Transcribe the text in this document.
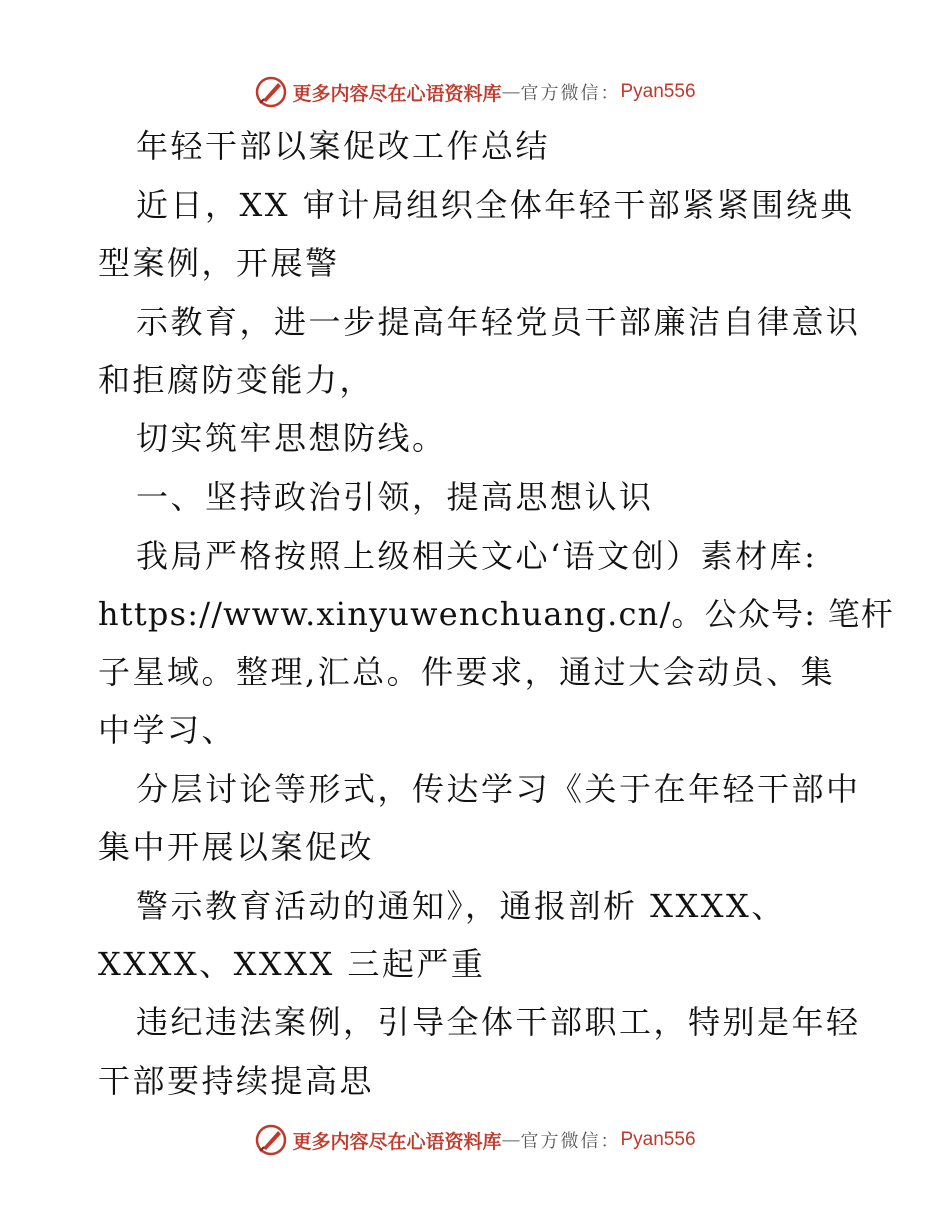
更多内容尽在心语资料库 — 官方微信： Pyan556
年轻干部以案促改工作总结
近日，XX 审计局组织全体年轻干部紧紧围绕典
型案例，开展警
示教育，进一步提高年轻党员干部廉洁自律意识
和拒腐防变能力，
切实筑牢思想防线。
一、坚持政治引领，提高思想认识
我局严格按照上级相关文心‘语文创）素材库:
https://www.xinyuwenchuang.cn/。公众号: 笔杆
子星域。整理,汇总。件要求，通过大会动员、集
中学习、
分层讨论等形式，传达学习《关于在年轻干部中
集中开展以案促改
警示教育活动的通知》，通报剖析 XXXX、
XXXX、XXXX 三起严重
违纪违法案例，引导全体干部职工，特别是年轻
干部要持续提高思
更多内容尽在心语资料库 — 官方微信： Pyan556
